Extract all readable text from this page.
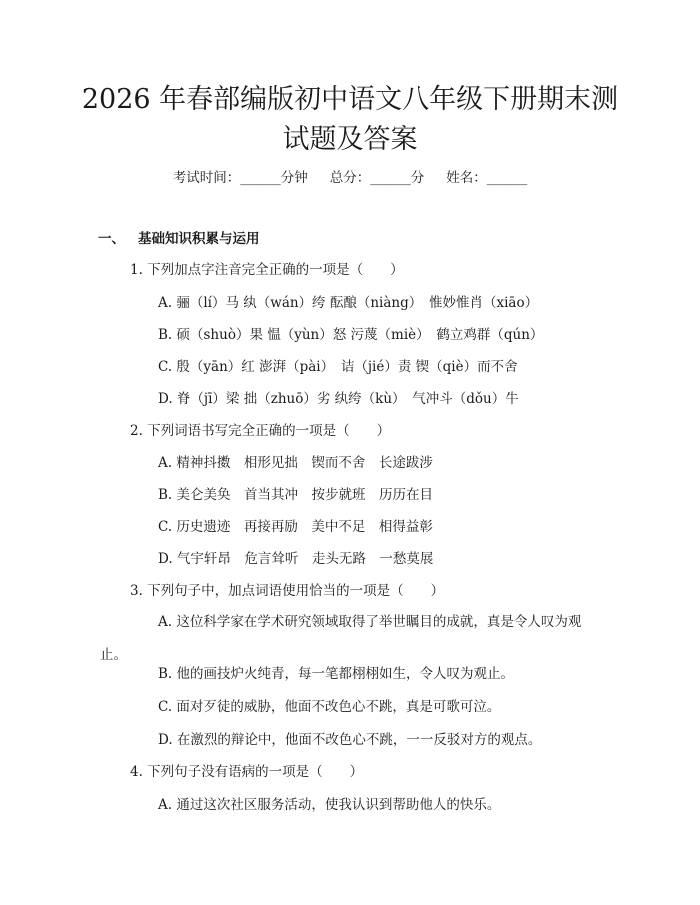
2026 年春部编版初中语文八年级下册期末测
试题及答案
考试时间：______分钟 总分：______分 姓名：______
一、 基础知识积累与运用
1. 下列加点字注音完全正确的一项是（　　）
A. 骊（lí）马 纨（wán）绔 酝酿（niàng）　惟妙惟肖（xiāo）
B. 硕（shuò）果 愠（yùn）怒 污蔑（miè）　鹤立鸡群（qún）
C. 殷（yān）红 澎湃（pài）　诘（jié）责 锲（qiè）而不舍
D. 脊（jī）梁 拙（zhuō）劣 纨绔（kù）　气冲斗（dǒu）牛
2. 下列词语书写完全正确的一项是（　　）
A. 精神抖擞　相形见拙　锲而不舍　长途跋涉
B. 美仑美奂　首当其冲　按步就班　历历在目
C. 历史遗迹　再接再励　美中不足　相得益彰
D. 气宇轩昂　危言耸听　走头无路　一愁莫展
3. 下列句子中，加点词语使用恰当的一项是（　　）
A. 这位科学家在学术研究领域取得了举世瞩目的成就，真是令人叹为观止。
B. 他的画技炉火纯青，每一笔都栩栩如生，令人叹为观止。
C. 面对歹徒的威胁，他面不改色心不跳，真是可歌可泣。
D. 在激烈的辩论中，他面不改色心不跳，一一反驳对方的观点。
4. 下列句子没有语病的一项是（　　）
A. 通过这次社区服务活动，使我认识到帮助他人的快乐。
